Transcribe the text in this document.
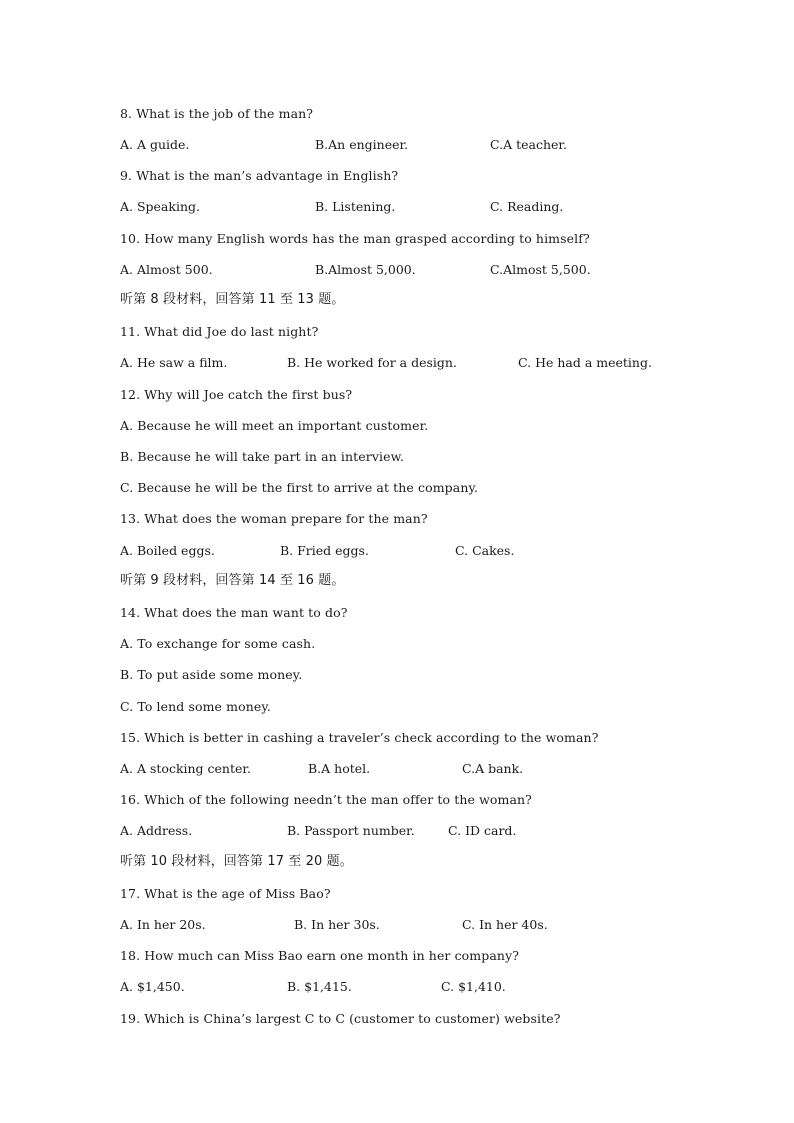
8. What is the job of the man?
A. A guide.	B.An engineer.	C.A teacher.
9. What is the man’s advantage in English?
A. Speaking.	B. Listening.	C. Reading.
10. How many English words has the man grasped according to himself?
A. Almost 500.	B.Almost 5,000.	C.Almost 5,500.
听第 8 段材料，回答第 11 至 13 题。
11. What did Joe do last night?
A. He saw a film.	B. He worked for a design.	C. He had a meeting.
12. Why will Joe catch the first bus?
A. Because he will meet an important customer.
B. Because he will take part in an interview.
C. Because he will be the first to arrive at the company.
13. What does the woman prepare for the man?
A. Boiled eggs.	B. Fried eggs.	C. Cakes.
听第 9 段材料，回答第 14 至 16 题。
14. What does the man want to do?
A. To exchange for some cash.
B. To put aside some money.
C. To lend some money.
15. Which is better in cashing a traveler’s check according to the woman?
A. A stocking center.	B.A hotel.	C.A bank.
16. Which of the following needn’t the man offer to the woman?
A. Address.	B. Passport number.	C. ID card.
听第 10 段材料，回答第 17 至 20 题。
17. What is the age of Miss Bao?
A. In her 20s.	B. In her 30s.	C. In her 40s.
18. How much can Miss Bao earn one month in her company?
A. $1,450.	B. $1,415.	C. $1,410.
19. Which is China’s largest C to C (customer to customer) website?
